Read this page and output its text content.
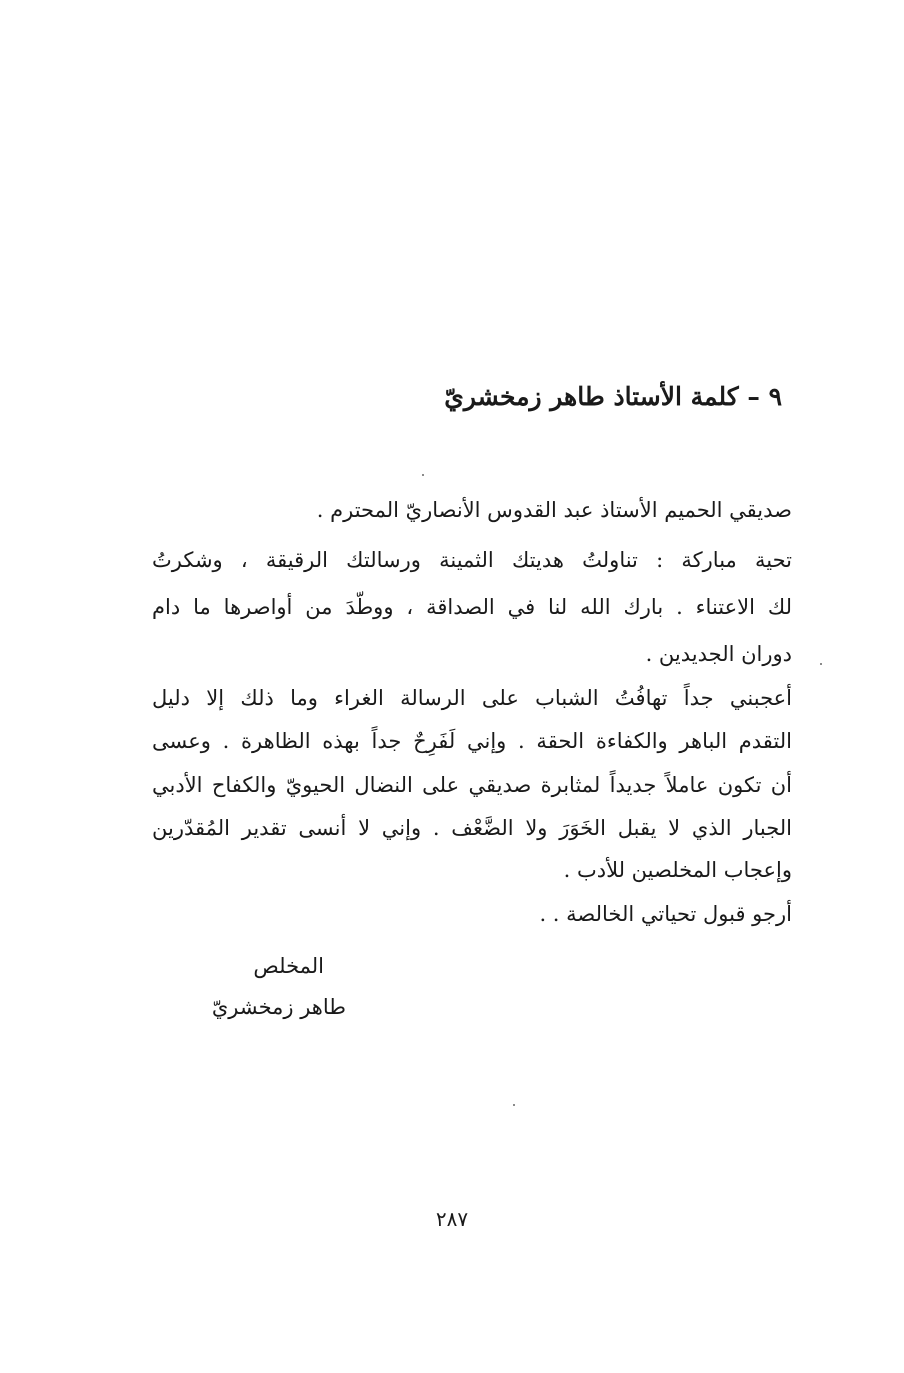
٩ – كلمة الأستاذ طاهر زمخشريّ
صديقي الحميم الأستاذ عبد القدوس الأنصاريّ المحترم .
تحية مباركة : تناولتُ هديتك الثمينة ورسالتك الرقيقة ، وشكرتُ
لك الاعتناء . بارك الله لنا في الصداقة ، ووطّدَ من أواصرها ما دام
دوران الجديدين .
أعجبني جداً تهافُتُ الشباب على الرسالة الغراء وما ذلك إلا دليل
التقدم الباهر والكفاءة الحقة . وإني لَفَرِحٌ جداً بهذه الظاهرة . وعسى
أن تكون عاملاً جديداً لمثابرة صديقي على النضال الحيويّ والكفاح الأدبي
الجبار الذي لا يقبل الخَوَرَ ولا الضَّعْف . وإني لا أنسى تقدير المُقدّرين
وإعجاب المخلصين للأدب .
أرجو قبول تحياتي الخالصة . .
المخلص
طاهر زمخشريّ
٢٨٧
